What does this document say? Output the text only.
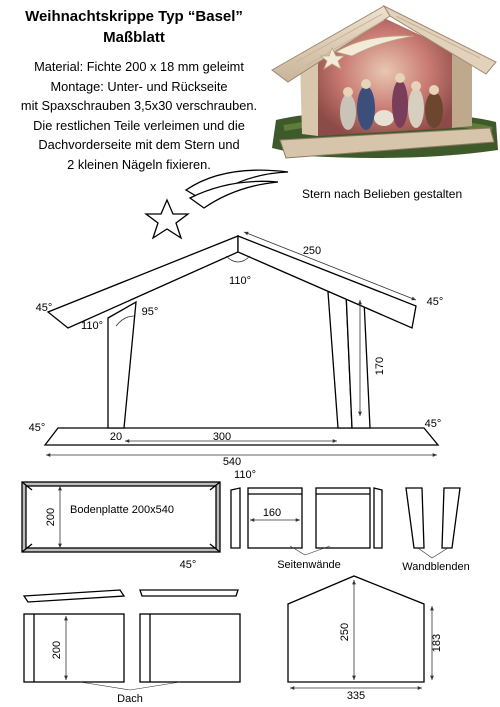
Weihnachtskrippe Typ “Basel”
Maßblatt
Material: Fichte 200 x 18 mm geleimt
Montage: Unter- und Rückseite
mit Spaxschrauben 3,5x30 verschrauben.
Die restlichen Teile verleimen und die
Dachvorderseite mit dem Stern und
2 kleinen Nägeln fixieren.
Stern nach Belieben gestalten
250
110°
45°	45°
110°
95°
170
45°	45°
20	300
540
200 Bodenplatte 200x540
45°
110°
160
Seitenwände	Wandblenden
200
Dach
250
183
335
